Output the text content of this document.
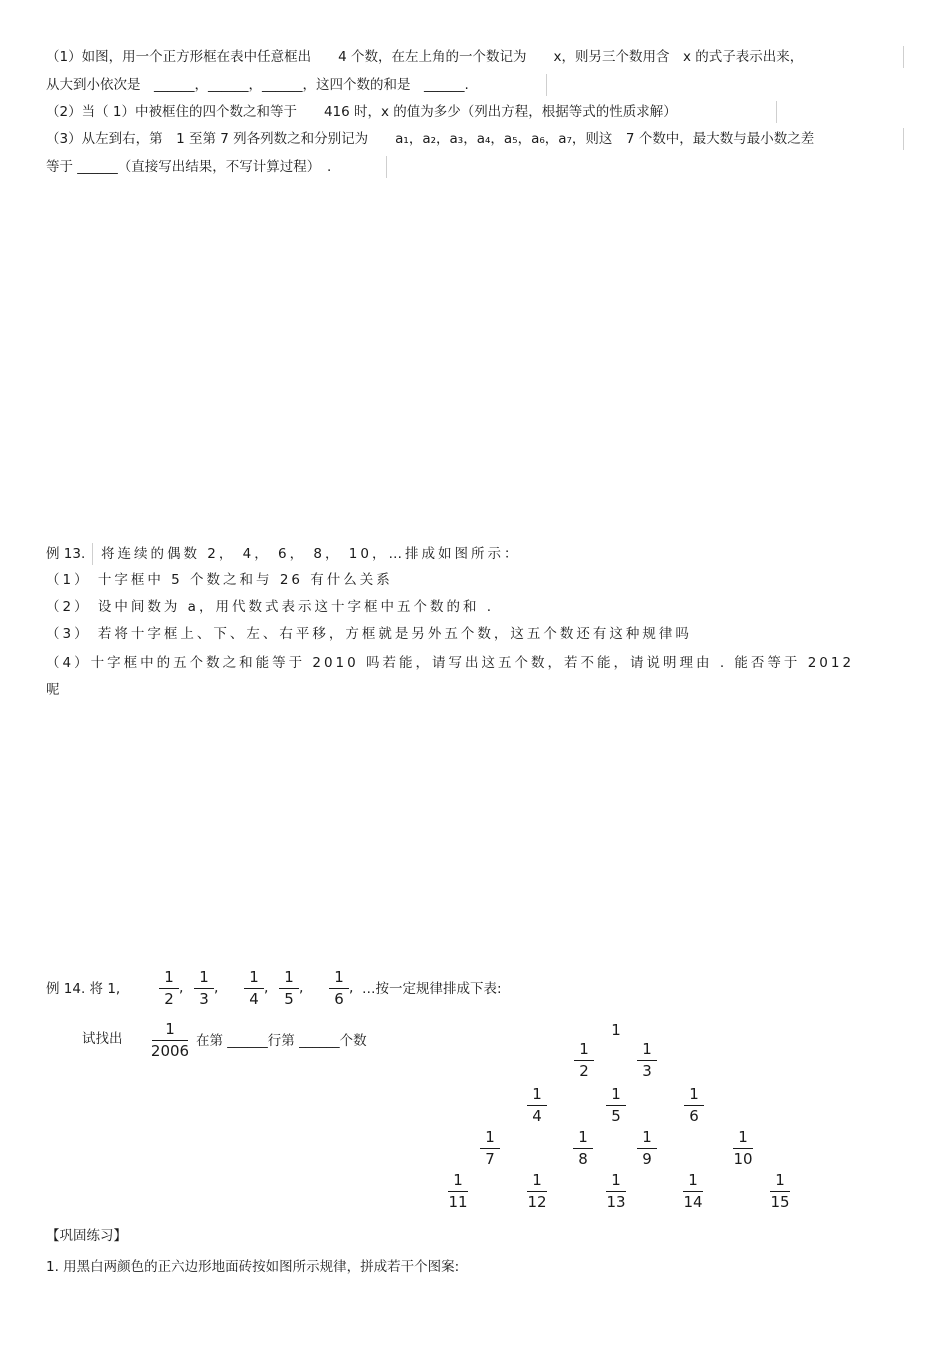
（1）如图，用一个正方形框在表中任意框出　　4 个数，在左上角的一个数记为　　x，则另三个数用含　x 的式子表示出来，
从大到小依次是　______，______，______，这四个数的和是　______.
（2）当（ 1）中被框住的四个数之和等于　　416 时，x 的值为多少（列出方程，根据等式的性质求解）
（3）从左到右，第　1 至第 7 列各列数之和分别记为　　a₁，a₂，a₃，a₄，a₅，a₆，a₇，则这　7 个数中，最大数与最小数之差
等于 ______（直接写出结果，不写计算过程）　.
例 13. 将连续的偶数 2， 4， 6， 8， 10，…排成如图所示：
（1） 十字框中 5 个数之和与 26 有什么关系
（2） 设中间数为 a，用代数式表示这十字框中五个数的和 .
（3） 若将十字框上、下、左、右平移，方框就是另外五个数，这五个数还有这种规律吗
（4）十字框中的五个数之和能等于 2010 吗若能，请写出这五个数，若不能，请说明理由 . 能否等于 2012
呢
例 14. 将 1,
1
2
,
1
3
,
1
4
,
1
5
,
1
6
, …按一定规律排成下表:
试找出
1
2006
在第 ______行第 ______个数
1
1
2
1
3
1
4
1
5
1
6
1
7
1
8
1
9
1
10
1
11
1
12
1
13
1
14
1
15
【巩固练习】
1. 用黑白两颜色的正六边形地面砖按如图所示规律，拼成若干个图案:
